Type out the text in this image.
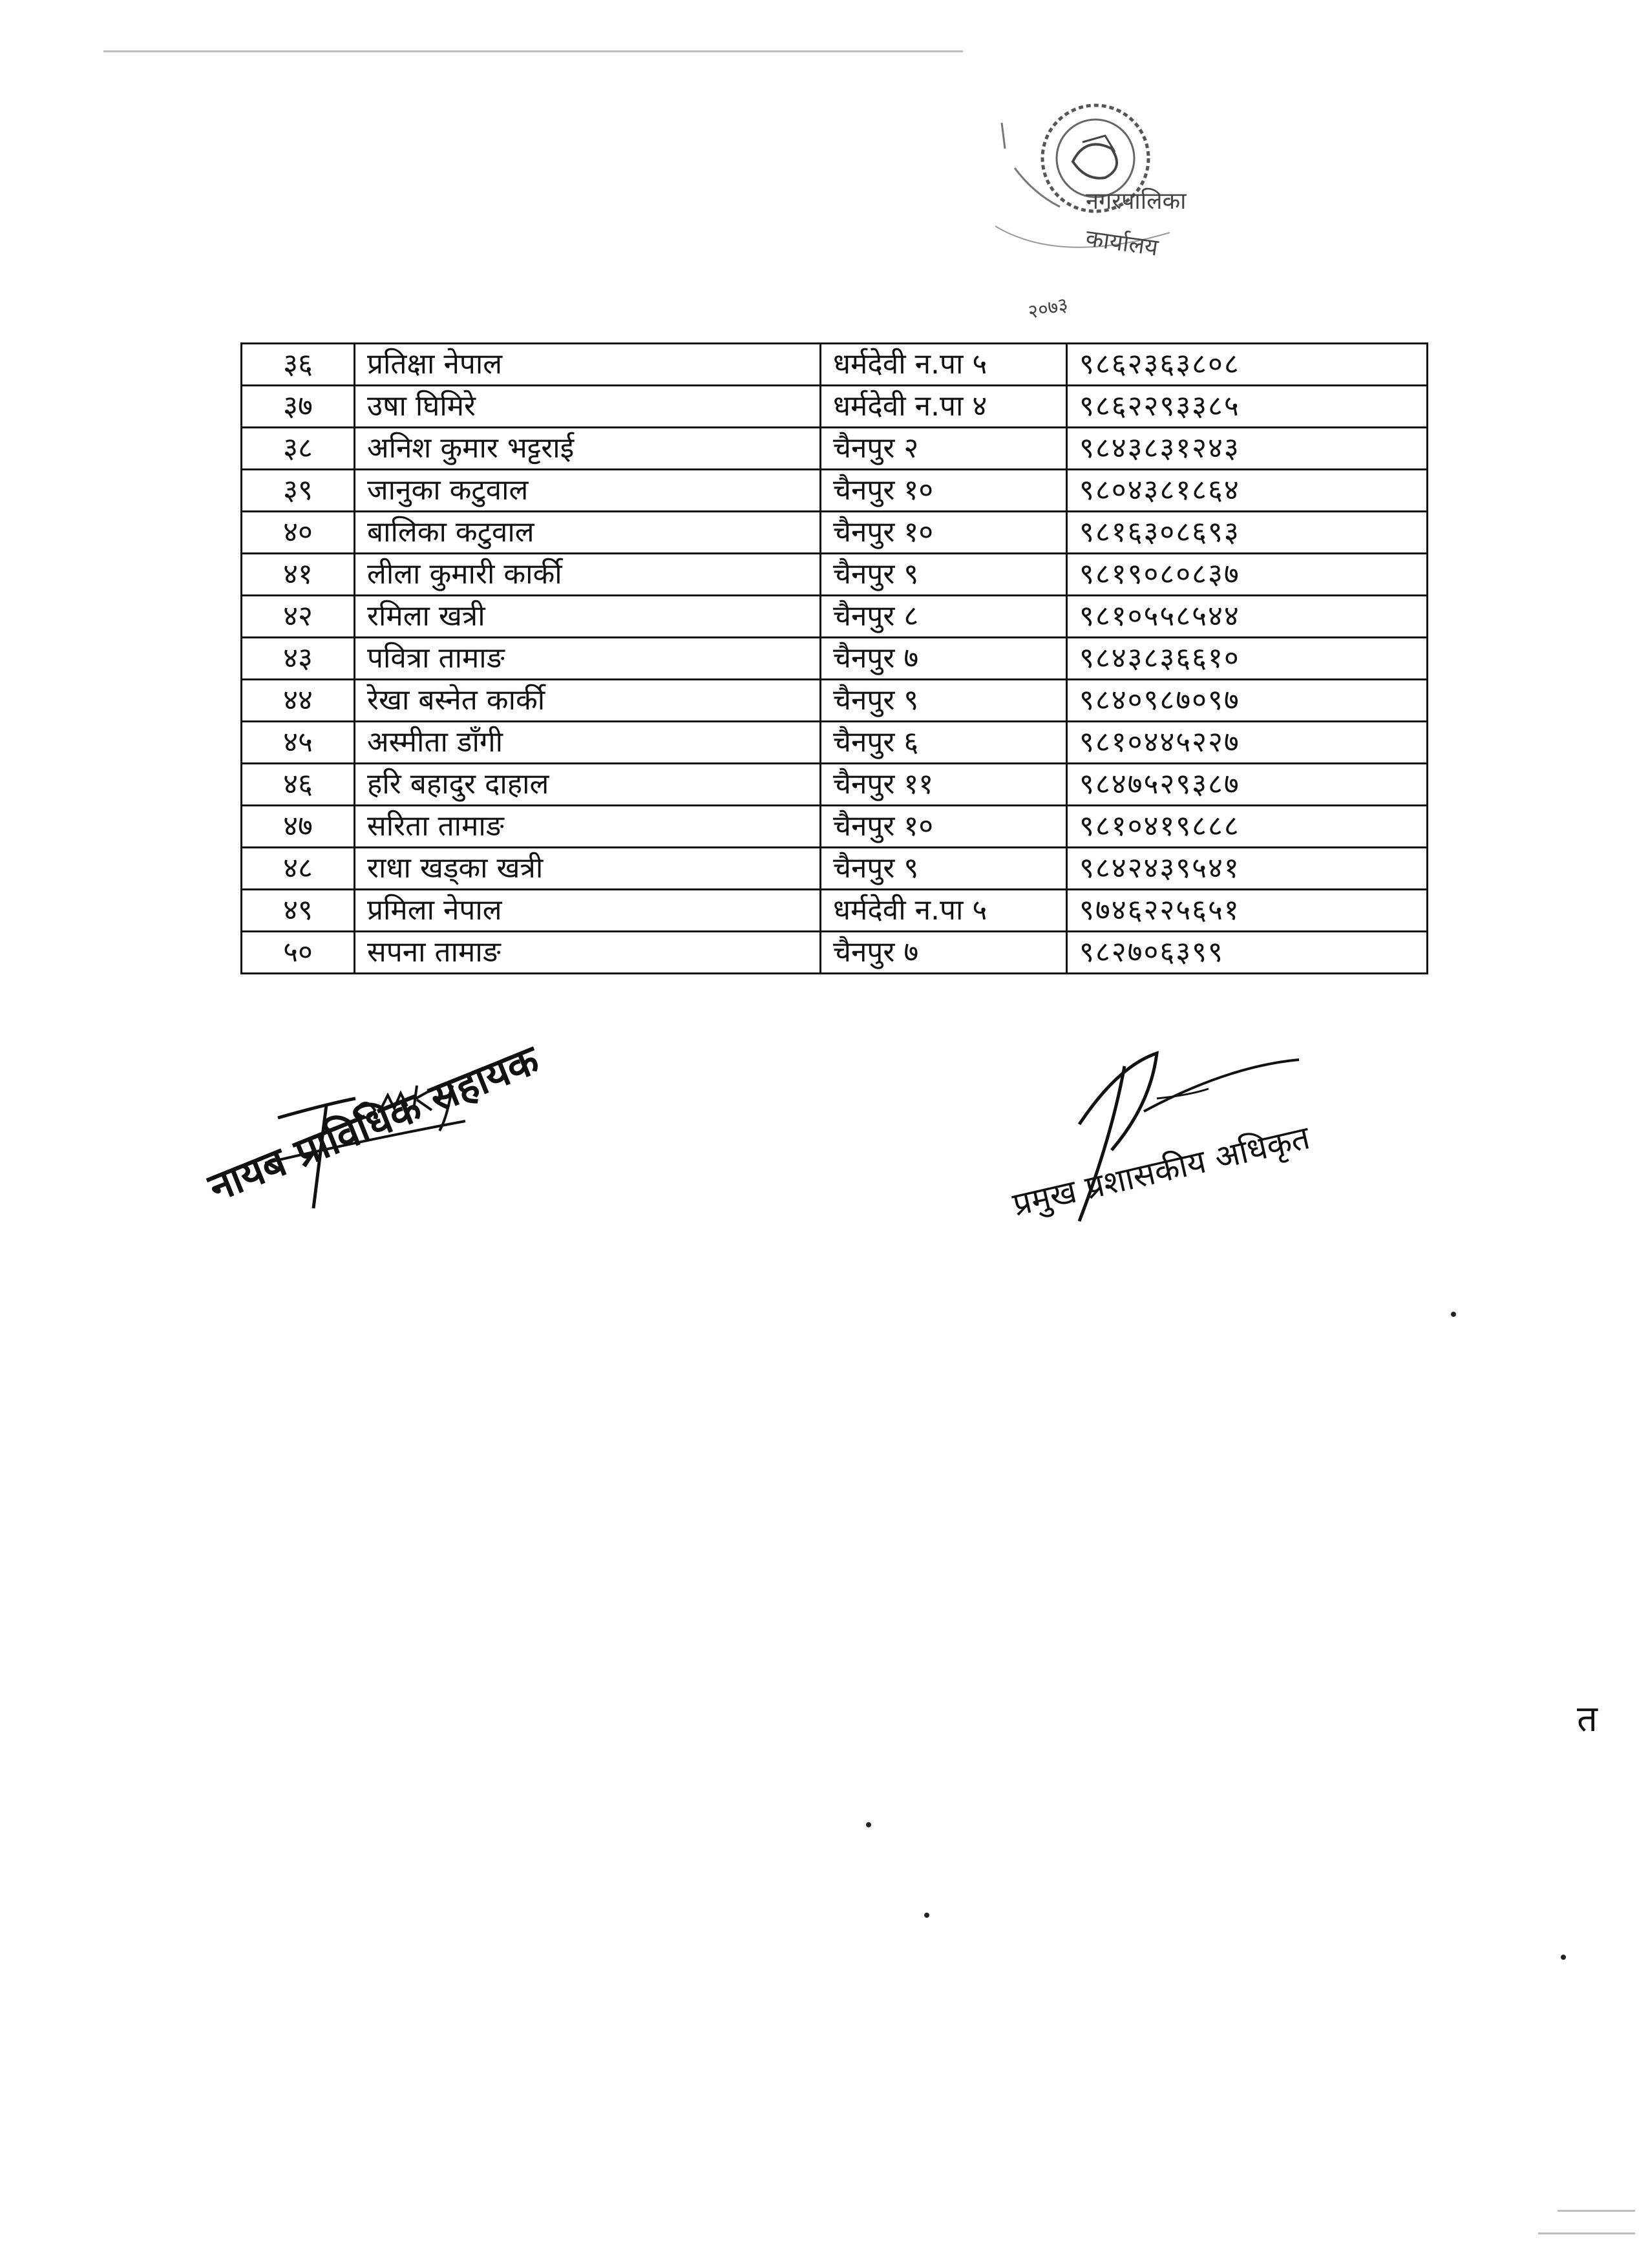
नगरपालिका
कार्यालय
२०७३
३६	प्रतिक्षा नेपाल	धर्मदेवी न.पा ५	९८६२३६३८०८
३७	उषा घिमिरे	धर्मदेवी न.पा ४	९८६२२९३३८५
३८	अनिश कुमार भट्टराई	चैनपुर २	९८४३८३१२४३
३९	जानुका कटुवाल	चैनपुर १०	९८०४३८१८६४
४०	बालिका कटुवाल	चैनपुर १०	९८१६३०८६९३
४१	लीला कुमारी कार्की	चैनपुर ९	९८१९०८०८३७
४२	रमिला खत्री	चैनपुर ८	९८१०५५८५४४
४३	पवित्रा तामाङ	चैनपुर ७	९८४३८३६६१०
४४	रेखा बस्नेत कार्की	चैनपुर ९	९८४०९८७०९७
४५	अस्मीता डाँगी	चैनपुर ६	९८१०४४५२२७
४६	हरि बहादुर दाहाल	चैनपुर ११	९८४७५२९३८७
४७	सरिता तामाङ	चैनपुर १०	९८१०४१९८८८
४८	राधा खड्का खत्री	चैनपुर ९	९८४२४३९५४१
४९	प्रमिला नेपाल	धर्मदेवी न.पा ५	९७४६२२५६५१
५०	सपना तामाङ	चैनपुर ७	९८२७०६३९९
नायब प्राविधिक सहायक	प्रमुख प्रशासकीय अधिकृत
त
